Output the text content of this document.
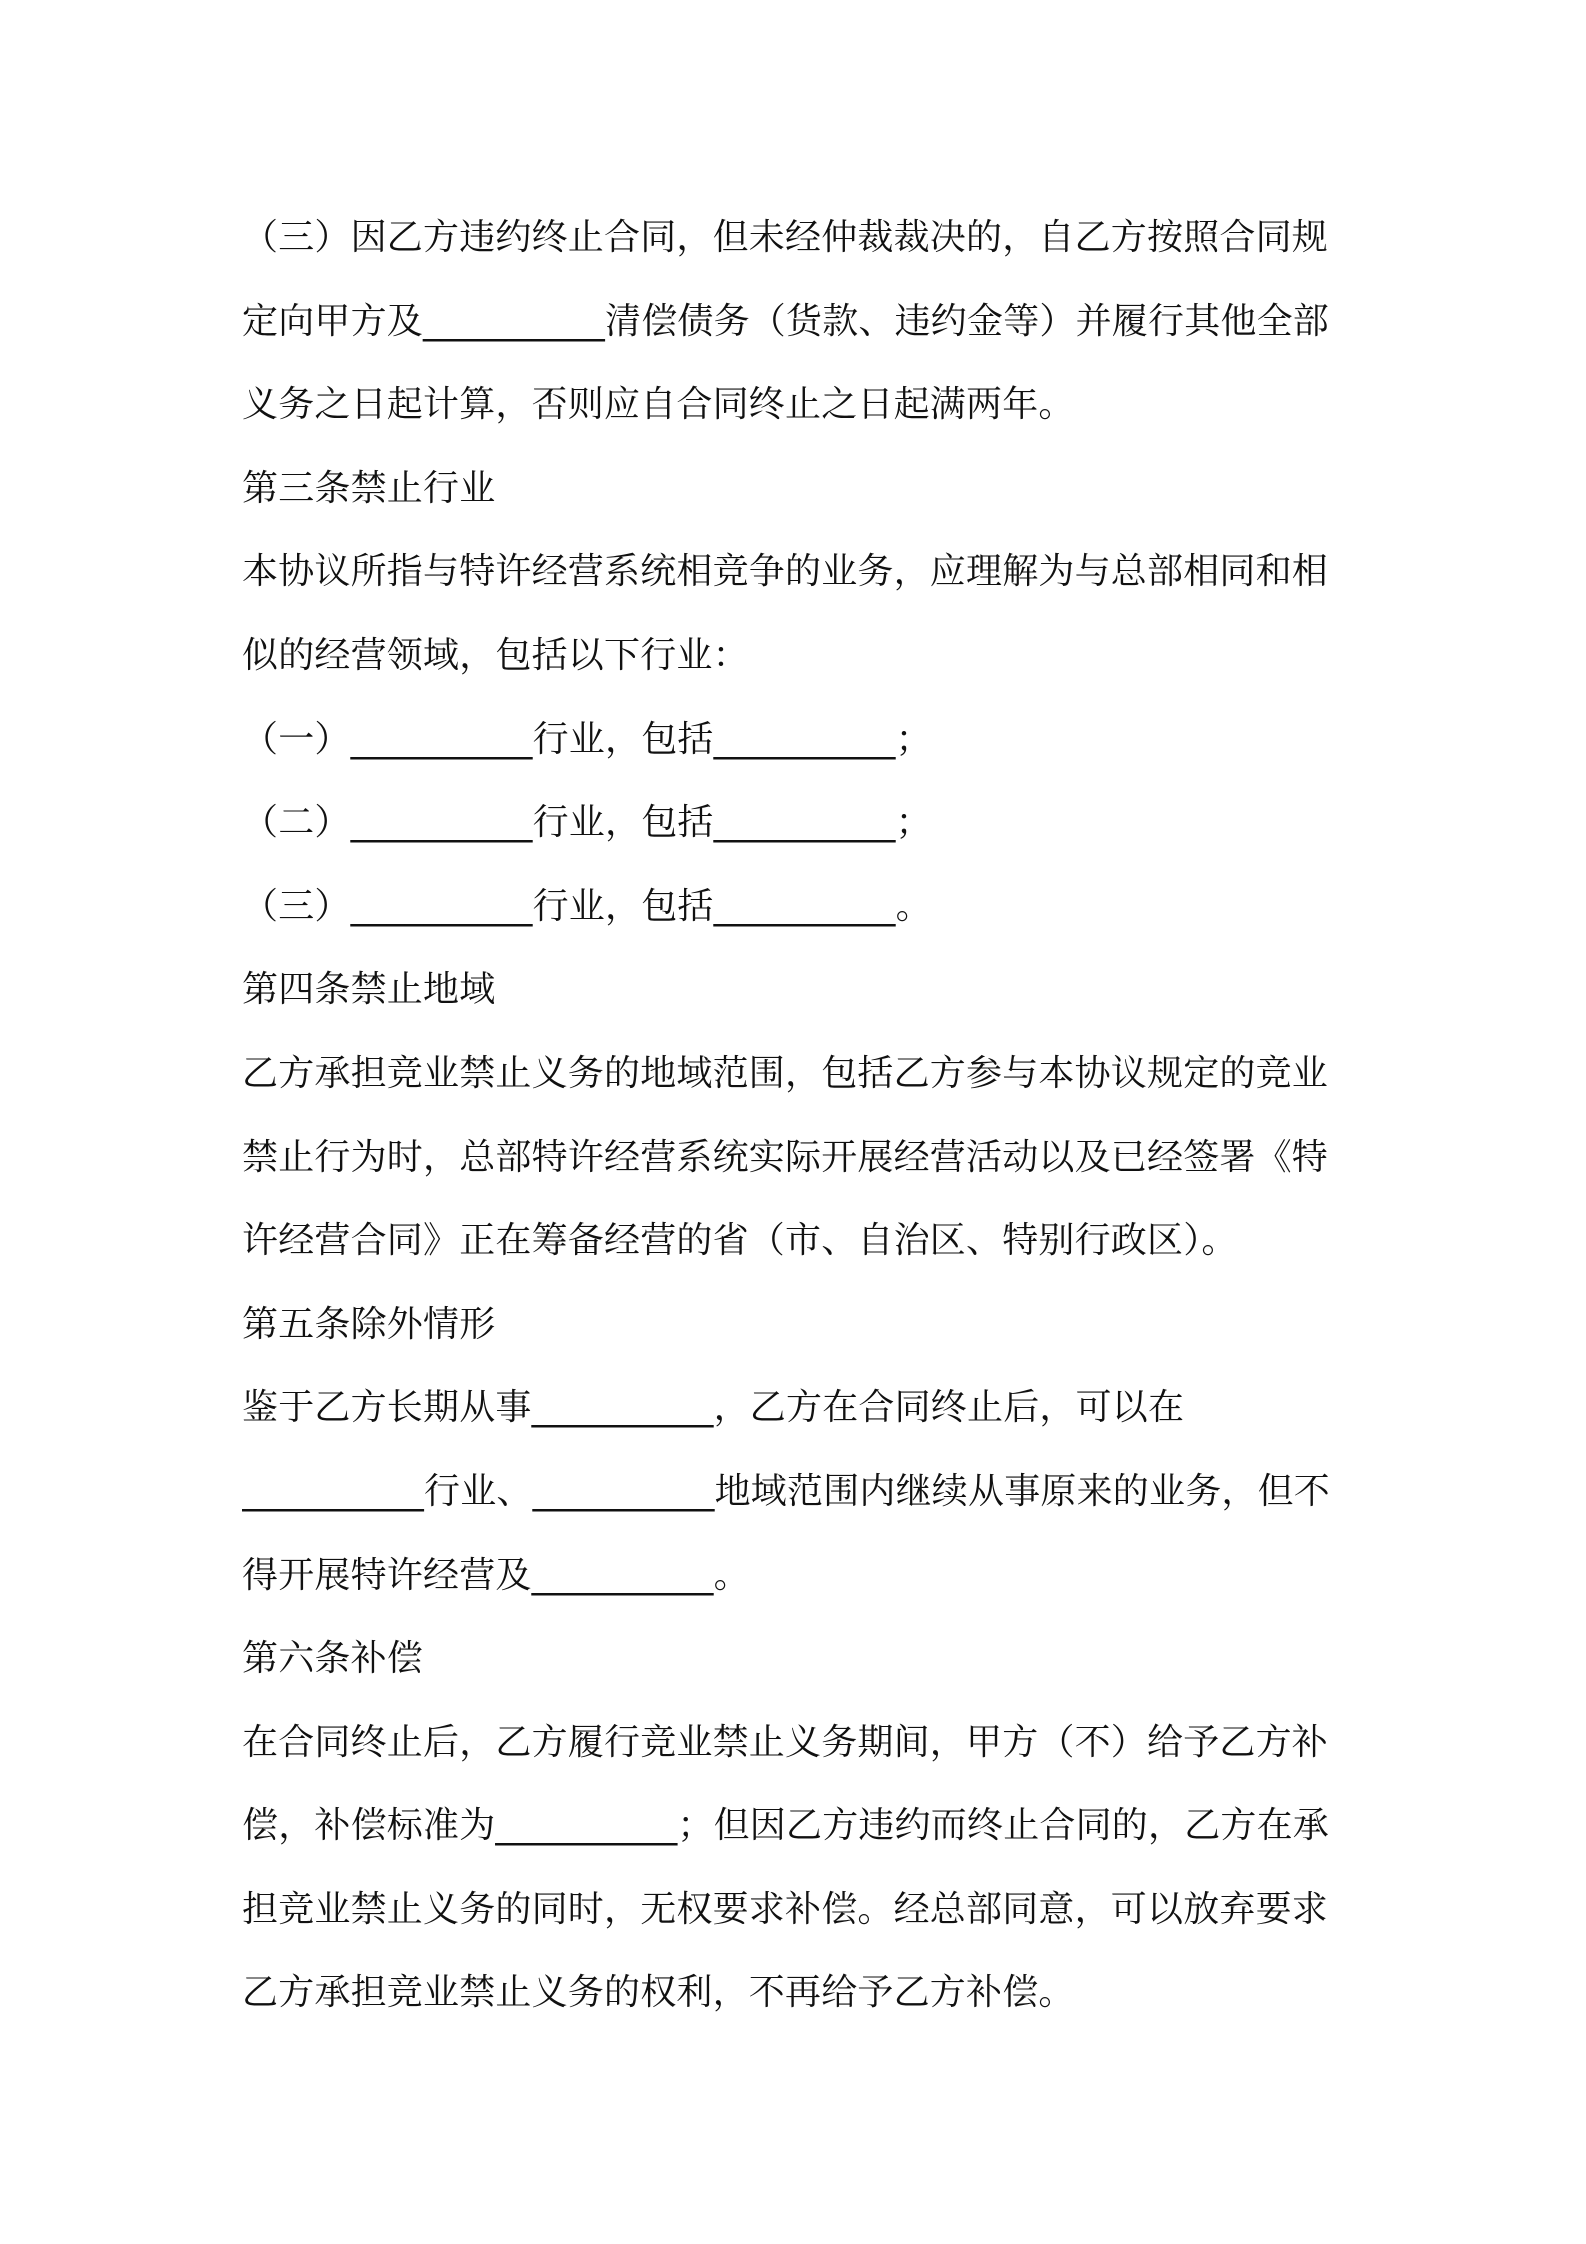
（三）因乙方违约终止合同，但未经仲裁裁决的，自乙方按照合同规
定向甲方及__________清偿债务（货款、违约金等）并履行其他全部
义务之日起计算，否则应自合同终止之日起满两年。
第三条禁止行业
本协议所指与特许经营系统相竞争的业务，应理解为与总部相同和相
似的经营领域，包括以下行业：
（一）__________行业，包括__________；
（二）__________行业，包括__________；
（三）__________行业，包括__________。
第四条禁止地域
乙方承担竞业禁止义务的地域范围，包括乙方参与本协议规定的竞业
禁止行为时，总部特许经营系统实际开展经营活动以及已经签署《特
许经营合同》正在筹备经营的省（市、自治区、特别行政区）。
第五条除外情形
鉴于乙方长期从事__________，乙方在合同终止后，可以在
__________行业、__________地域范围内继续从事原来的业务，但不
得开展特许经营及__________。
第六条补偿
在合同终止后，乙方履行竞业禁止义务期间，甲方（不）给予乙方补
偿，补偿标准为__________；但因乙方违约而终止合同的，乙方在承
担竞业禁止义务的同时，无权要求补偿。经总部同意，可以放弃要求
乙方承担竞业禁止义务的权利，不再给予乙方补偿。
